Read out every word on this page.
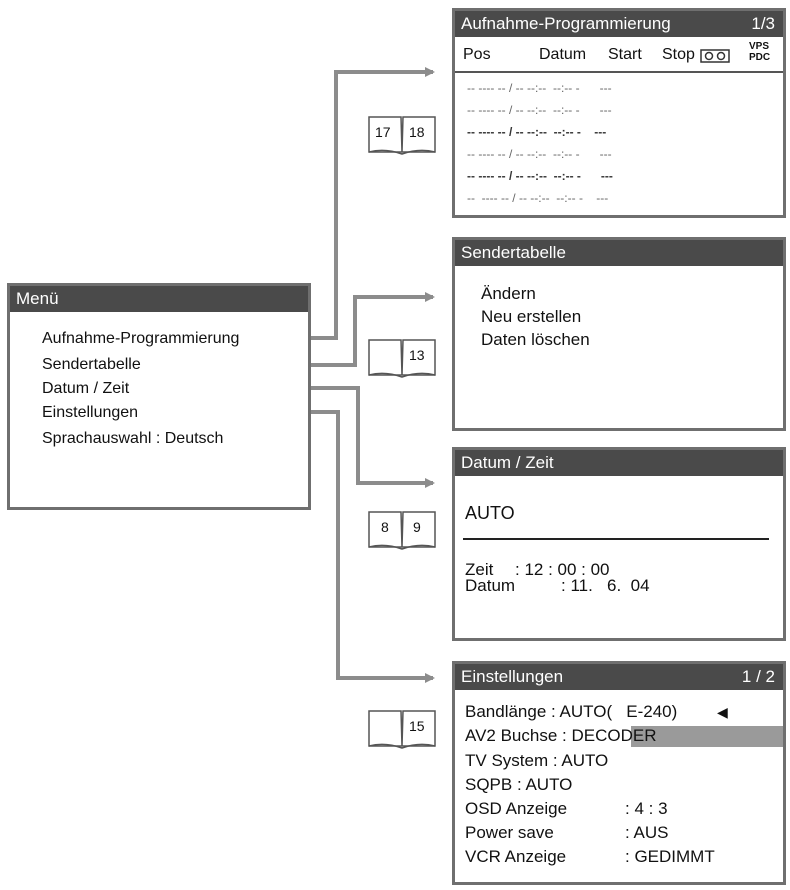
Menü
Aufnahme-Programmierung
Sendertabelle
Datum / Zeit
Einstellungen
Sprachauswahl : Deutsch
17 18
13
8 9
15
Aufnahme-Programmierung	1/3
Pos	Datum Start Stop	VPS
PDC
-- ---- -- / -- --:--  --:-- -      ---
-- ---- -- / -- --:--  --:-- -      ---
-- ---- -- / -- --:--  --:-- -    ---
-- ---- -- / -- --:--  --:-- -      ---
-- ---- -- / -- --:--  --:-- -      ---
--  ---- -- / -- --:--  --:-- -    ---
Sendertabelle
Ändern
Neu erstellen
Daten löschen
Datum / Zeit
AUTO
Zeit : 12 : 00 : 00
Datum	: 11.   6.  04
Einstellungen	1 / 2
Bandlänge : AUTO(   E-240)	◀
AV2 Buchse : DECODER
TV System : AUTO
SQPB : AUTO
OSD Anzeige	: 4 : 3
Power save	: AUS
VCR Anzeige	: GEDIMMT
